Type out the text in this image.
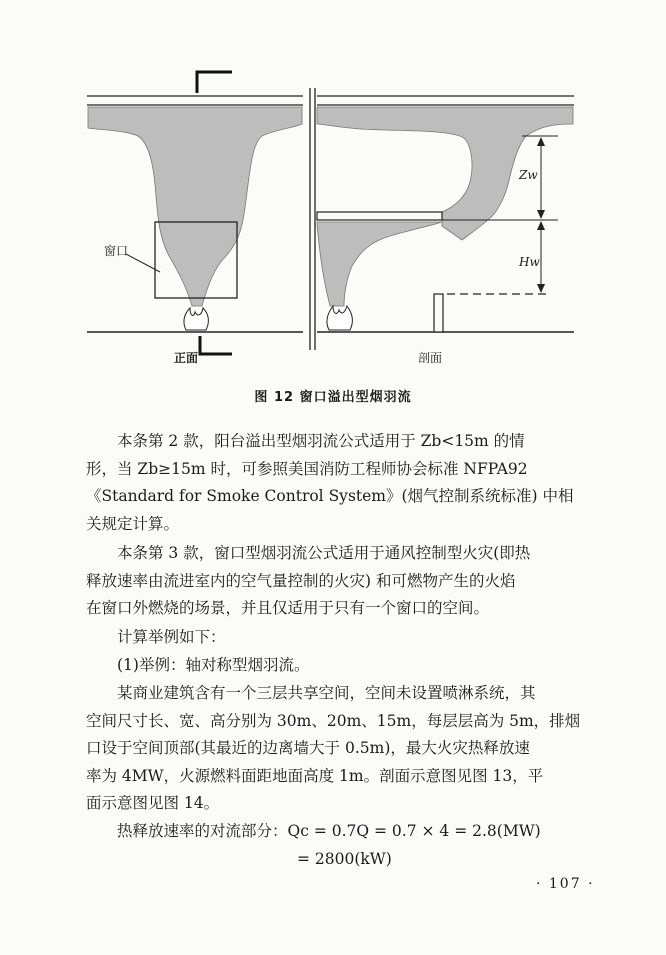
窗口
正面	剖面
Zw
Hw
图 12 窗口溢出型烟羽流
本条第 2 款，阳台溢出型烟羽流公式适用于 Zb<15m 的情
形，当 Zb≥15m 时，可参照美国消防工程师协会标准 NFPA92
《Standard for Smoke Control System》(烟气控制系统标准) 中相
关规定计算。
本条第 3 款，窗口型烟羽流公式适用于通风控制型火灾(即热
释放速率由流进室内的空气量控制的火灾) 和可燃物产生的火焰
在窗口外燃烧的场景，并且仅适用于只有一个窗口的空间。
计算举例如下：
(1)举例：轴对称型烟羽流。
某商业建筑含有一个三层共享空间，空间未设置喷淋系统，其
空间尺寸长、宽、高分别为 30m、20m、15m，每层层高为 5m，排烟
口设于空间顶部(其最近的边离墙大于 0.5m)，最大火灾热释放速
率为 4MW，火源燃料面距地面高度 1m。剖面示意图见图 13，平
面示意图见图 14。
热释放速率的对流部分：Qc = 0.7Q = 0.7 × 4 = 2.8(MW)
= 2800(kW)
· 107 ·
